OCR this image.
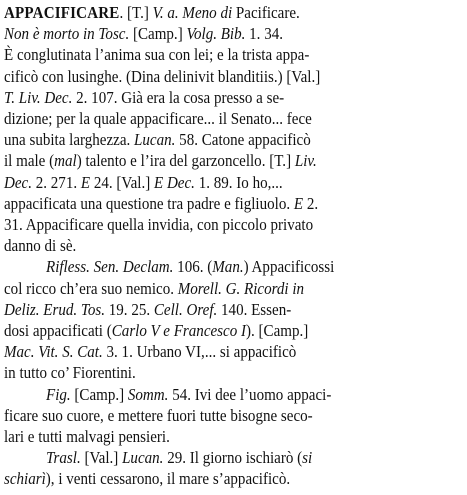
APPACIFICARE. [T.] V. a. Meno di Pacificare.
Non è morto in Tosc. [Camp.] Volg. Bib. 1. 34.
È conglutinata l’anima sua con lei; e la trista appa-
cificò con lusinghe. (Dina delinivit blanditiis.) [Val.]
T. Liv. Dec. 2. 107. Già era la cosa presso a se-
dizione; per la quale appacificare... il Senato... fece
una subita larghezza. Lucan. 58. Catone appacificò
il male (mal) talento e l’ira del garzoncello. [T.] Liv.
Dec. 2. 271. E 24. [Val.] E Dec. 1. 89. Io ho,...
appacificata una questione tra padre e figliuolo. E 2.
31. Appacificare quella invidia, con piccolo privato
danno di sè.
Rifless. Sen. Declam. 106. (Man.) Appacificossi
col ricco ch’era suo nemico. Morell. G. Ricordi in
Deliz. Erud. Tos. 19. 25. Cell. Oref. 140. Essen-
dosi appacificati (Carlo V e Francesco I). [Camp.]
Mac. Vit. S. Cat. 3. 1. Urbano VI,... si appacificò
in tutto co’ Fiorentini.
Fig. [Camp.] Somm. 54. Ivi dee l’uomo appaci-
ficare suo cuore, e mettere fuori tutte bisogne seco-
lari e tutti malvagi pensieri.
Trasl. [Val.] Lucan. 29. Il giorno ischiarò (si
schiarì), i venti cessarono, il mare s’appacificò.
